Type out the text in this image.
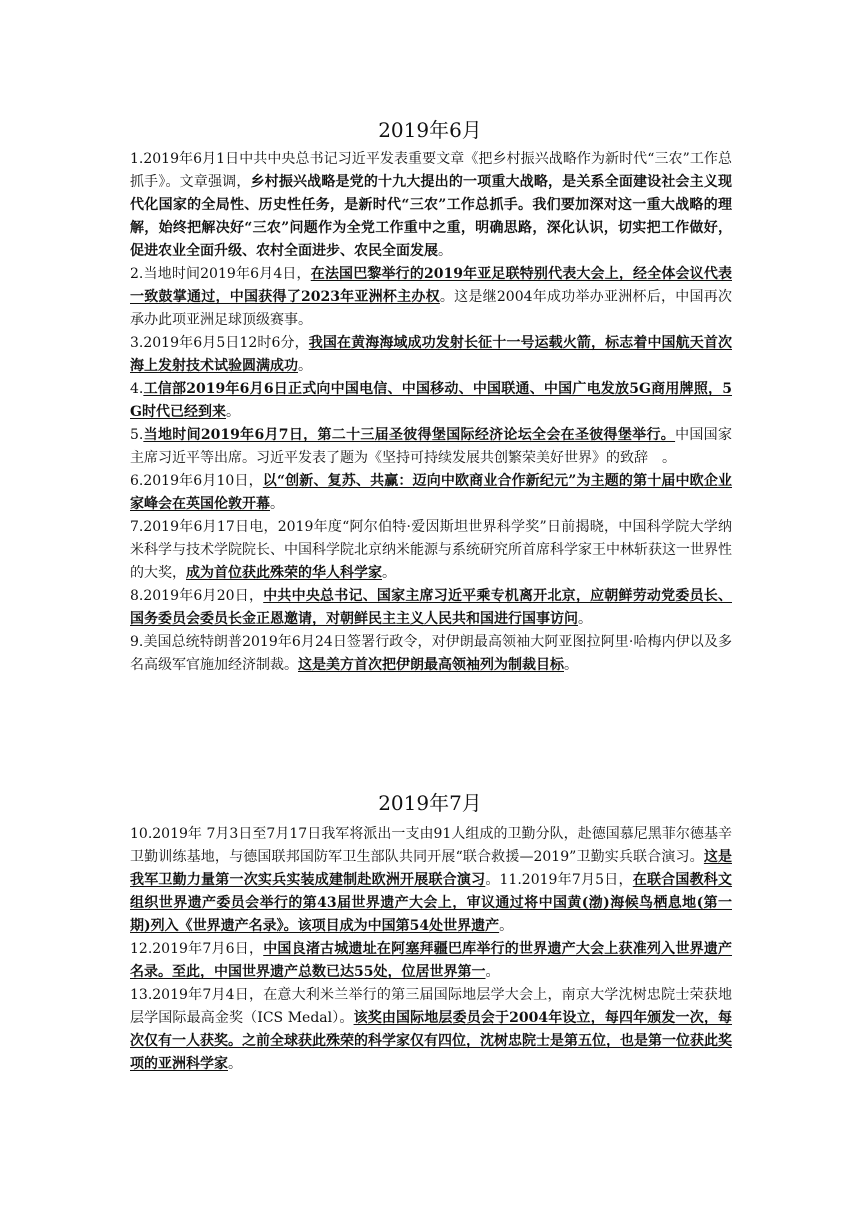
2019年6月

1.2019年6月1日中共中央总书记习近平发表重要文章《把乡村振兴战略作为新时代“三农”工作总抓手》。文章强调，乡村振兴战略是党的十九大提出的一项重大战略，是关系全面建设社会主义现代化国家的全局性、历史性任务，是新时代“三农”工作总抓手。我们要加深对这一重大战略的理解，始终把解决好“三农”问题作为全党工作重中之重，明确思路，深化认识，切实把工作做好，促进农业全面升级、农村全面进步、农民全面发展。

2.当地时间2019年6月4日，在法国巴黎举行的2019年亚足联特别代表大会上，经全体会议代表一致鼓掌通过，中国获得了2023年亚洲杯主办权。这是继2004年成功举办亚洲杯后，中国再次承办此项亚洲足球顶级赛事。

3.2019年6月5日12时6分，我国在黄海海域成功发射长征十一号运载火箭，标志着中国航天首次海上发射技术试验圆满成功。

4.工信部2019年6月6日正式向中国电信、中国移动、中国联通、中国广电发放5G商用牌照，5G时代已经到来。

5.当地时间2019年6月7日，第二十三届圣彼得堡国际经济论坛全会在圣彼得堡举行。中国国家主席习近平等出席。习近平发表了题为《坚持可持续发展共创繁荣美好世界》的致辞　。

6.2019年6月10日，以“创新、复苏、共赢：迈向中欧商业合作新纪元”为主题的第十届中欧企业家峰会在英国伦敦开幕。

7.2019年6月17日电，2019年度“阿尔伯特·爱因斯坦世界科学奖”日前揭晓，中国科学院大学纳米科学与技术学院院长、中国科学院北京纳米能源与系统研究所首席科学家王中林斩获这一世界性的大奖，成为首位获此殊荣的华人科学家。

8.2019年6月20日，中共中央总书记、国家主席习近平乘专机离开北京，应朝鲜劳动党委员长、国务委员会委员长金正恩邀请，对朝鲜民主主义人民共和国进行国事访问。

9.美国总统特朗普2019年6月24日签署行政令，对伊朗最高领袖大阿亚图拉阿里·哈梅内伊以及多名高级军官施加经济制裁。这是美方首次把伊朗最高领袖列为制裁目标。

2019年7月

10.2019年 7月3日至7月17日我军将派出一支由91人组成的卫勤分队，赴德国慕尼黑菲尔德基辛卫勤训练基地，与德国联邦国防军卫生部队共同开展“联合救援—2019”卫勤实兵联合演习。这是我军卫勤力量第一次实兵实装成建制赴欧洲开展联合演习。11.2019年7月5日，在联合国教科文组织世界遗产委员会举行的第43届世界遗产大会上，审议通过将中国黄(渤)海候鸟栖息地(第一期)列入《世界遗产名录》。该项目成为中国第54处世界遗产。

12.2019年7月6日，中国良渚古城遗址在阿塞拜疆巴库举行的世界遗产大会上获准列入世界遗产名录。至此，中国世界遗产总数已达55处，位居世界第一。

13.2019年7月4日，在意大利米兰举行的第三届国际地层学大会上，南京大学沈树忠院士荣获地层学国际最高金奖（ICS Medal）。该奖由国际地层委员会于2004年设立，每四年颁发一次，每次仅有一人获奖。之前全球获此殊荣的科学家仅有四位，沈树忠院士是第五位，也是第一位获此奖项的亚洲科学家。
